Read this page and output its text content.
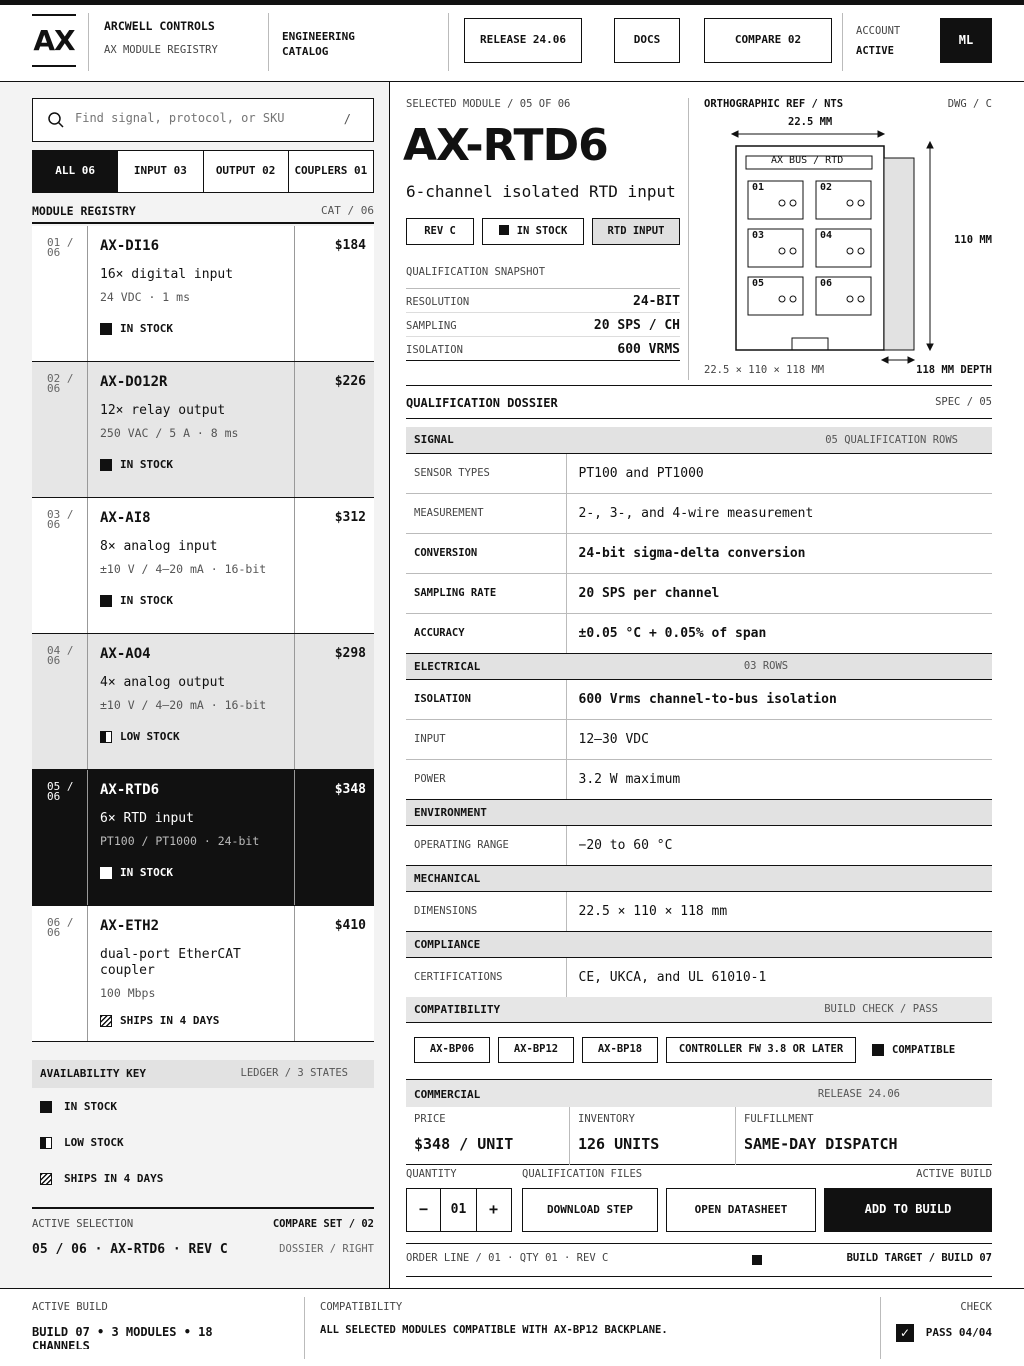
AX	ARCWELL CONTROLS
AX MODULE REGISTRY
ENGINEERING
CATALOG
RELEASE 24.06	DOCS	COMPARE 02
ACCOUNT
ACTIVE
ML
Find signal, protocol, or SKU
/
ALL 06	INPUT 03	OUTPUT 02	COUPLERS 01
MODULE REGISTRY	CAT / 06
01 / 06	AX-DI16	$184
16× digital input
24 VDC · 1 ms
IN STOCK
02 / 06	AX-DO12R	$226
12× relay output
250 VAC / 5 A · 8 ms
IN STOCK
03 / 06	AX-AI8	$312
8× analog input
±10 V / 4–20 mA · 16-bit
IN STOCK
04 / 06	AX-AO4	$298
4× analog output
±10 V / 4–20 mA · 16-bit
LOW STOCK
05 / 06	AX-RTD6	$348
6× RTD input
PT100 / PT1000 · 24-bit
IN STOCK
06 / 06	AX-ETH2	$410
dual-port EtherCAT coupler
100 Mbps
SHIPS IN 4 DAYS
AVAILABILITY KEY	LEDGER / 3 STATES
IN STOCK
LOW STOCK
SHIPS IN 4 DAYS
ACTIVE SELECTION	COMPARE SET / 02
05 / 06 · AX-RTD6 · REV C	DOSSIER / RIGHT
SELECTED MODULE / 05 OF 06
AX-RTD6
6-channel isolated RTD input
REV C	IN STOCK	RTD INPUT
QUALIFICATION SNAPSHOT
RESOLUTION	24-BIT
SAMPLING	20 SPS / CH
ISOLATION	600 VRMS
ORTHOGRAPHIC REF / NTS	DWG / C
22.5 MM
AX BUS / RTD
01	02
03	04
05	06
110 MM
22.5 × 110 × 118 MM	118 MM DEPTH
QUALIFICATION DOSSIER	SPEC / 05
SIGNAL	05 QUALIFICATION ROWS
SENSOR TYPES	PT100 and PT1000
MEASUREMENT	2-, 3-, and 4-wire measurement
CONVERSION	24-bit sigma-delta conversion
SAMPLING RATE	20 SPS per channel
ACCURACY	±0.05 °C + 0.05% of span
ELECTRICAL	03 ROWS
ISOLATION	600 Vrms channel-to-bus isolation
INPUT	12–30 VDC
POWER	3.2 W maximum
ENVIRONMENT	
OPERATING RANGE	−20 to 60 °C
MECHANICAL	
DIMENSIONS	22.5 × 110 × 118 mm
COMPLIANCE	
CERTIFICATIONS	CE, UKCA, and UL 61010-1
COMPATIBILITY	BUILD CHECK / PASS
AX-BP06	AX-BP12	AX-BP18	CONTROLLER FW 3.8 OR LATER	COMPATIBLE
COMMERCIAL	RELEASE 24.06
PRICE
$348 / UNIT
INVENTORY
126 UNITS
FULFILLMENT
SAME-DAY DISPATCH
QUANTITY	QUALIFICATION FILES	ACTIVE BUILD
−	01	+	DOWNLOAD STEP	OPEN DATASHEET	ADD TO BUILD
ORDER LINE / 01 · QTY 01 · REV C	BUILD TARGET / BUILD 07
ACTIVE BUILD
BUILD 07 • 3 MODULES • 18 CHANNELS
COMPATIBILITY
ALL SELECTED MODULES COMPATIBLE WITH AX-BP12 BACKPLANE.
CHECK
✓	PASS 04/04
